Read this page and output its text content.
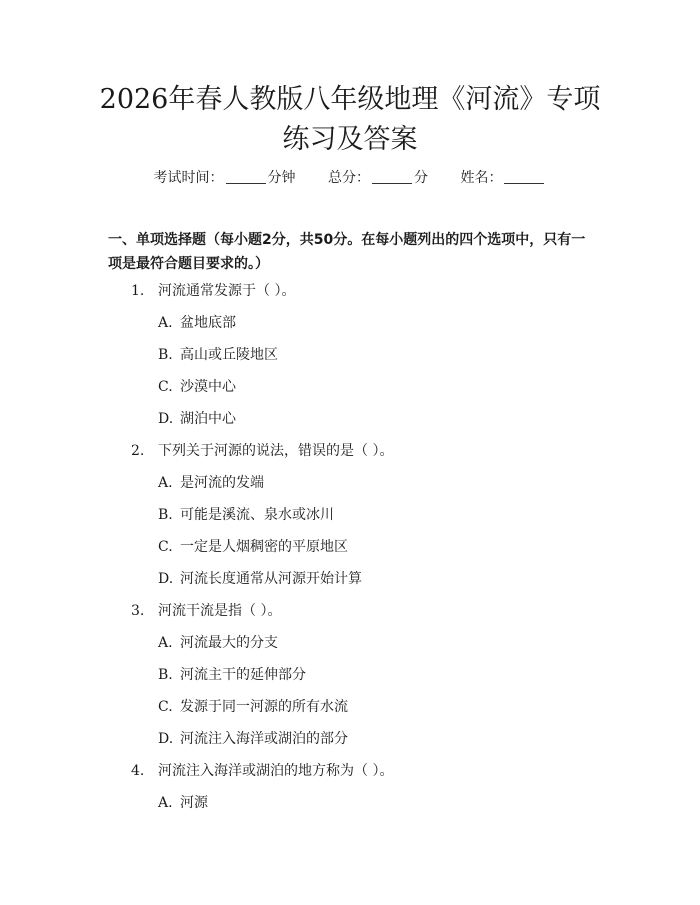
2026年春人教版八年级地理《河流》专项练习及答案
考试时间：	分钟 总分：	分 姓名：
一、单项选择题（每小题2分，共50分。在每小题列出的四个选项中，只有一项是最符合题目要求的。）
1. 河流通常发源于（ ）。
A. 盆地底部
B. 高山或丘陵地区
C. 沙漠中心
D. 湖泊中心
2. 下列关于河源的说法，错误的是（ ）。
A. 是河流的发端
B. 可能是溪流、泉水或冰川
C. 一定是人烟稠密的平原地区
D. 河流长度通常从河源开始计算
3. 河流干流是指（ ）。
A. 河流最大的分支
B. 河流主干的延伸部分
C. 发源于同一河源的所有水流
D. 河流注入海洋或湖泊的部分
4. 河流注入海洋或湖泊的地方称为（ ）。
A. 河源
